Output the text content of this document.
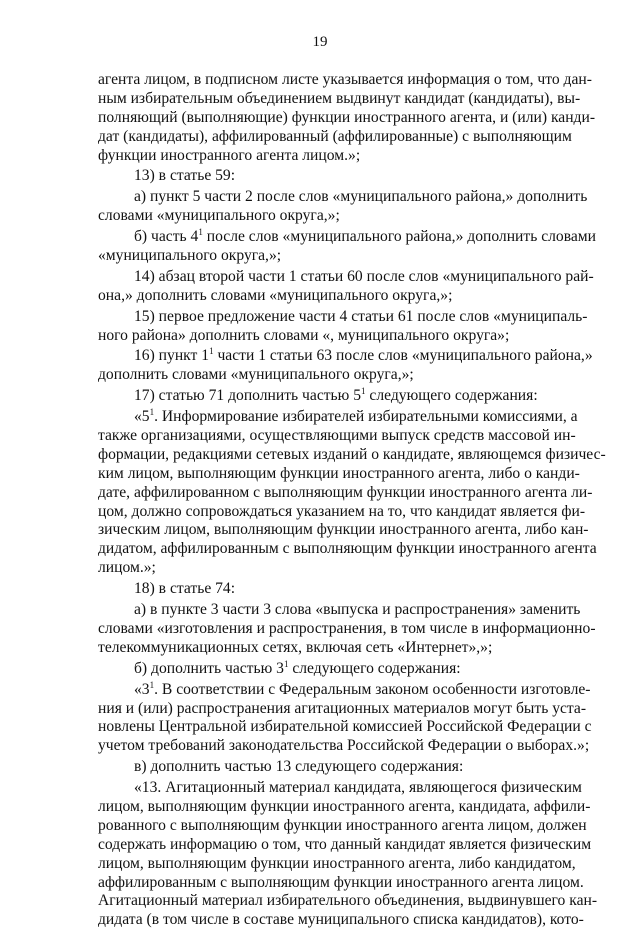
19
агента лицом, в подписном листе указывается информация о том, что дан-
ным избирательным объединением выдвинут кандидат (кандидаты), вы-
полняющий (выполняющие) функции иностранного агента, и (или) канди-
дат (кандидаты), аффилированный (аффилированные) с выполняющим
функции иностранного агента лицом.»;
13) в статье 59:
а) пункт 5 части 2 после слов «муниципального района,» дополнить
словами «муниципального округа,»;
б) часть $4^1$ после слов «муниципального района,» дополнить словами
«муниципального округа,»;
14) абзац второй части 1 статьи 60 после слов «муниципального рай-
она,» дополнить словами «муниципального округа,»;
15) первое предложение части 4 статьи 61 после слов «муниципаль-
ного района» дополнить словами «, муниципального округа»;
16) пункт $1^1$ части 1 статьи 63 после слов «муниципального района,»
дополнить словами «муниципального округа,»;
17) статью 71 дополнить частью $5^1$ следующего содержания:
«$5^1$. Информирование избирателей избирательными комиссиями, а
также организациями, осуществляющими выпуск средств массовой ин-
формации, редакциями сетевых изданий о кандидате, являющемся физичес-
ким лицом, выполняющим функции иностранного агента, либо о канди-
дате, аффилированном с выполняющим функции иностранного агента ли-
цом, должно сопровождаться указанием на то, что кандидат является фи-
зическим лицом, выполняющим функции иностранного агента, либо кан-
дидатом, аффилированным с выполняющим функции иностранного агента
лицом.»;
18) в статье 74:
а) в пункте 3 части 3 слова «выпуска и распространения» заменить
словами «изготовления и распространения, в том числе в информационно-
телекоммуникационных сетях, включая сеть «Интернет»,»;
б) дополнить частью $3^1$ следующего содержания:
«$3^1$. В соответствии с Федеральным законом особенности изготовле-
ния и (или) распространения агитационных материалов могут быть уста-
новлены Центральной избирательной комиссией Российской Федерации с
учетом требований законодательства Российской Федерации о выборах.»;
в) дополнить частью 13 следующего содержания:
«13. Агитационный материал кандидата, являющегося физическим
лицом, выполняющим функции иностранного агента, кандидата, аффили-
рованного с выполняющим функции иностранного агента лицом, должен
содержать информацию о том, что данный кандидат является физическим
лицом, выполняющим функции иностранного агента, либо кандидатом,
аффилированным с выполняющим функции иностранного агента лицом.
Агитационный материал избирательного объединения, выдвинувшего кан-
дидата (в том числе в составе муниципального списка кандидатов), кото-
